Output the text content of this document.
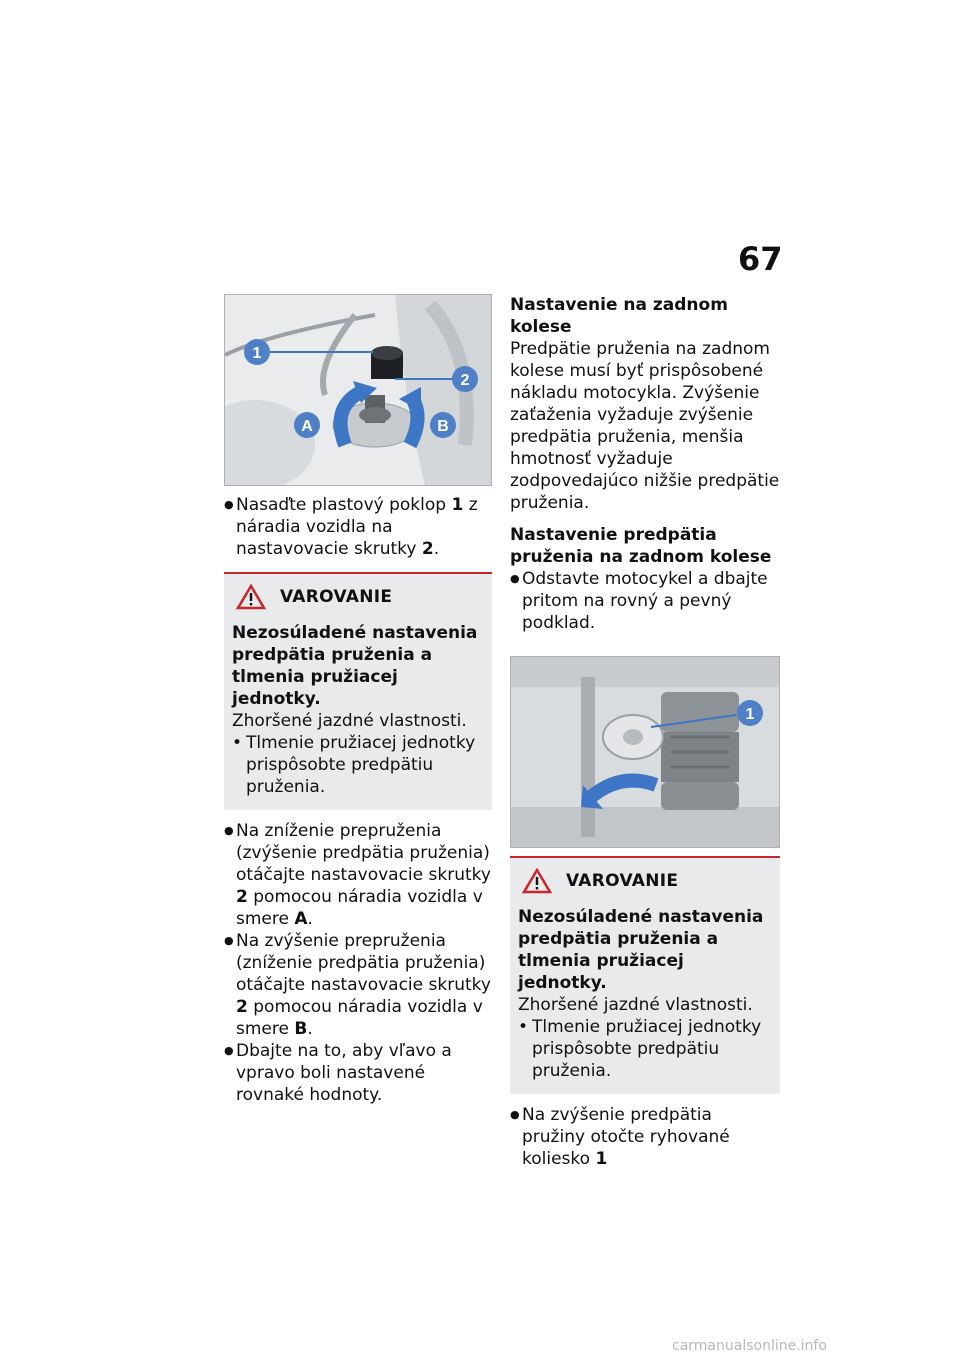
67
1
2
A	B

● Nasaďte plastový poklop 1 z náradia vozidla na nastavovacie skrutky 2.

VAROVANIE

Nezosúladené nastavenia predpätia pruženia a tlmenia pružiacej jednotky.

Zhoršené jazdné vlastnosti.

• Tlmenie pružiacej jednotky prispôsobte predpätiu pruženia.

● Na zníženie prepruženia (zvýšenie predpätia pruženia) otáčajte nastavovacie skrutky 2 pomocou náradia vozidla v smere A.

● Na zvýšenie prepruženia (zníženie predpätia pruženia) otáčajte nastavovacie skrutky 2 pomocou náradia vozidla v smere B.

● Dbajte na to, aby vľavo a vpravo boli nastavené rovnaké hodnoty.

Nastavenie na zadnom kolese

Predpätie pruženia na zadnom kolese musí byť prispôsobené nákladu motocykla. Zvýšenie zaťaženia vyžaduje zvýšenie predpätia pruženia, menšia hmotnosť vyžaduje zodpovedajúco nižšie predpätie pruženia.

Nastavenie predpätia pruženia na zadnom kolese

● Odstavte motocykel a dbajte pritom na rovný a pevný podklad.

1
VAROVANIE

Nezosúladené nastavenia predpätia pruženia a tlmenia pružiacej jednotky.

Zhoršené jazdné vlastnosti.

• Tlmenie pružiacej jednotky prispôsobte predpätiu pruženia.

● Na zvýšenie predpätia pružiny otočte ryhované koliesko 1

carmanualsonline.info
